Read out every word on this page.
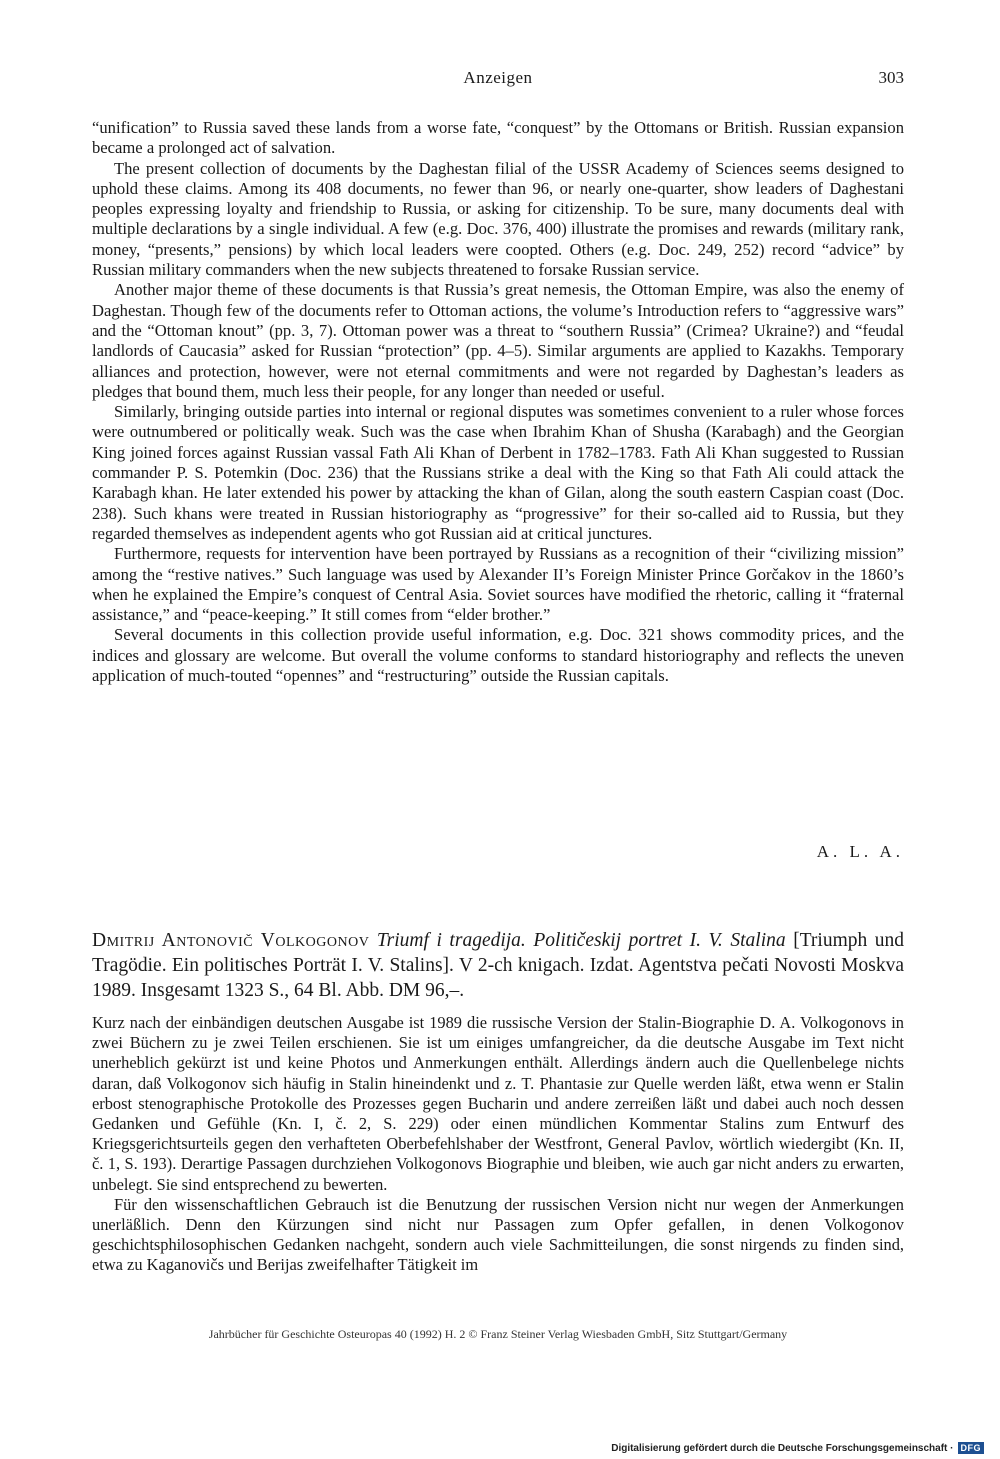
Anzeigen	303

“unification” to Russia saved these lands from a worse fate, “conquest” by the Ottomans or British. Russian expansion became a prolonged act of salvation.

The present collection of documents by the Daghestan filial of the USSR Academy of Sciences seems designed to uphold these claims. Among its 408 documents, no fewer than 96, or nearly one-quarter, show leaders of Daghestani peoples expressing loyalty and friendship to Russia, or asking for citizenship. To be sure, many documents deal with multiple declarations by a single individual. A few (e.g. Doc. 376, 400) illustrate the promises and rewards (military rank, money, “presents,” pensions) by which local leaders were coopted. Others (e.g. Doc. 249, 252) record “advice” by Russian military commanders when the new subjects threatened to forsake Russian service.

Another major theme of these documents is that Russia’s great nemesis, the Ottoman Empire, was also the enemy of Daghestan. Though few of the documents refer to Ottoman actions, the volume’s Introduction refers to “aggressive wars” and the “Ottoman knout” (pp. 3, 7). Ottoman power was a threat to “southern Russia” (Crimea? Ukraine?) and “feudal landlords of Caucasia” asked for Russian “protection” (pp. 4–5). Similar arguments are applied to Kazakhs. Temporary alliances and protection, however, were not eternal commitments and were not regarded by Daghestan’s leaders as pledges that bound them, much less their people, for any longer than needed or useful.

Similarly, bringing outside parties into internal or regional disputes was sometimes convenient to a ruler whose forces were outnumbered or politically weak. Such was the case when Ibrahim Khan of Shusha (Karabagh) and the Georgian King joined forces against Russian vassal Fath Ali Khan of Derbent in 1782–1783. Fath Ali Khan suggested to Russian commander P. S. Potemkin (Doc. 236) that the Russians strike a deal with the King so that Fath Ali could attack the Karabagh khan. He later extended his power by attacking the khan of Gilan, along the south eastern Caspian coast (Doc. 238). Such khans were treated in Russian historiography as “progressive” for their so-called aid to Russia, but they regarded themselves as independent agents who got Russian aid at critical junctures.

Furthermore, requests for intervention have been portrayed by Russians as a recognition of their “civilizing mission” among the “restive natives.” Such language was used by Alexander II’s Foreign Minister Prince Gorčakov in the 1860’s when he explained the Empire’s conquest of Central Asia. Soviet sources have modified the rhetoric, calling it “fraternal assistance,” and “peace-keeping.” It still comes from “elder brother.”

Several documents in this collection provide useful information, e.g. Doc. 321 shows commodity prices, and the indices and glossary are welcome. But overall the volume conforms to standard historiography and reflects the uneven application of much-touted “opennes” and “restructuring” outside the Russian capitals.

A. L. A.
Dmitrij Antonovič Volkogonov Triumf i tragedija. Političeskij portret I. V. Stalina [Triumph und Tragödie. Ein politisches Porträt I. V. Stalins]. V 2-ch knigach. Izdat. Agentstva pečati Novosti Moskva 1989. Insgesamt 1323 S., 64 Bl. Abb. DM 96,–.

Kurz nach der einbändigen deutschen Ausgabe ist 1989 die russische Version der Stalin-Biographie D. A. Volkogonovs in zwei Büchern zu je zwei Teilen erschienen. Sie ist um einiges umfangreicher, da die deutsche Ausgabe im Text nicht unerheblich gekürzt ist und keine Photos und Anmerkungen enthält. Allerdings ändern auch die Quellenbelege nichts daran, daß Volkogonov sich häufig in Stalin hineindenkt und z. T. Phantasie zur Quelle werden läßt, etwa wenn er Stalin erbost stenographische Protokolle des Prozesses gegen Bucharin und andere zerreißen läßt und dabei auch noch dessen Gedanken und Gefühle (Kn. I, č. 2, S. 229) oder einen mündlichen Kommentar Stalins zum Entwurf des Kriegsgerichtsurteils gegen den verhafteten Oberbefehlshaber der Westfront, General Pavlov, wörtlich wiedergibt (Kn. II, č. 1, S. 193). Derartige Passagen durchziehen Volkogonovs Biographie und bleiben, wie auch gar nicht anders zu erwarten, unbelegt. Sie sind entsprechend zu bewerten.

Für den wissenschaftlichen Gebrauch ist die Benutzung der russischen Version nicht nur wegen der Anmerkungen unerläßlich. Denn den Kürzungen sind nicht nur Passagen zum Opfer gefallen, in denen Volkogonov geschichtsphilosophischen Gedanken nachgeht, sondern auch viele Sachmitteilungen, die sonst nirgends zu finden sind, etwa zu Kaganovičs und Berijas zweifelhafter Tätigkeit im

Jahrbücher für Geschichte Osteuropas 40 (1992) H. 2 © Franz Steiner Verlag Wiesbaden GmbH, Sitz Stuttgart/Germany
Digitalisierung gefördert durch die Deutsche Forschungsgemeinschaft · DFG
